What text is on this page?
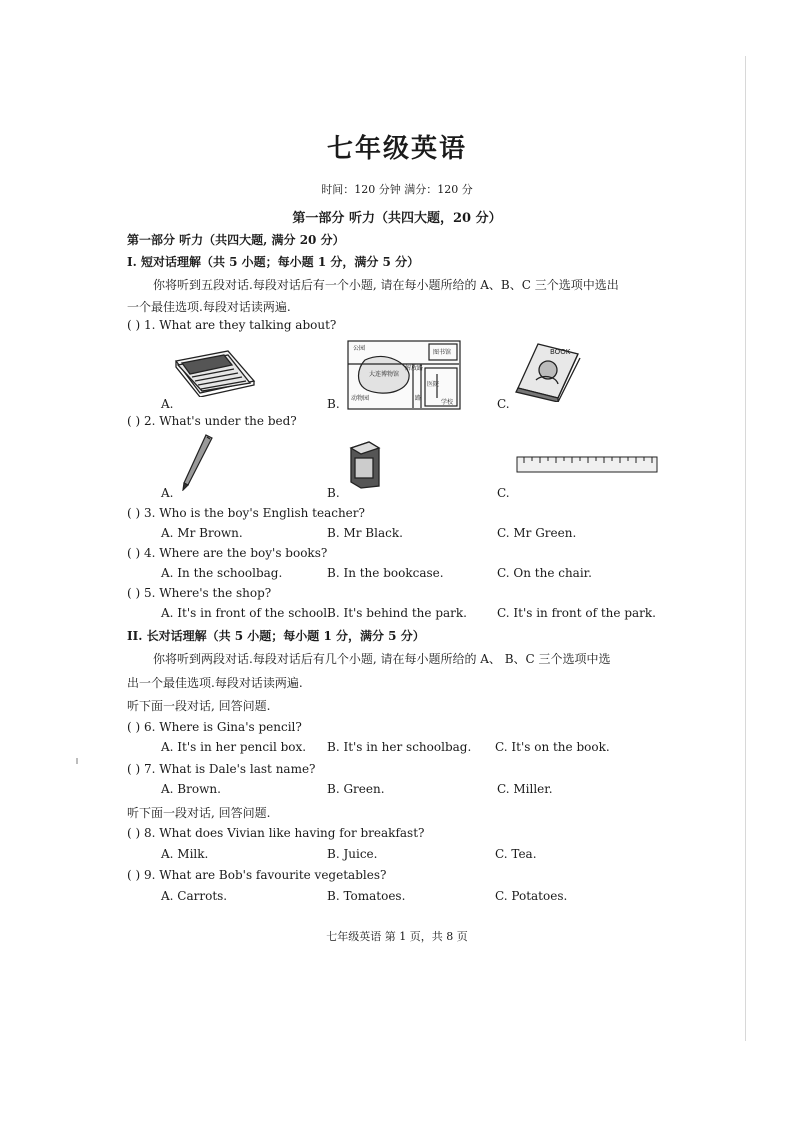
七年级英语
时间：120 分钟 满分：120 分
第一部分 听力（共四大题，20 分）
第一部分 听力（共四大题, 满分 20 分）
I. 短对话理解（共 5 小题；每小题 1 分，满分 5 分）
你将听到五段对话.每段对话后有一个小题, 请在每小题所给的 A、B、C 三个选项中选出
一个最佳选项.每段对话读两遍.
( ) 1. What are they talking about?
A.
公园
图书馆
大连博物馆
解放路
学校
医院
动物园	路
B.
BOOK
C.
( ) 2. What's under the bed?
A.	B.	C.
( ) 3. Who is the boy's English teacher?
A. Mr Brown.	B. Mr Black.	C. Mr Green.
( ) 4. Where are the boy's books?
A. In the schoolbag.	B. In the bookcase.	C. On the chair.
( ) 5. Where's the shop?
A. It's in front of the school.
B. It's behind the park.	C. It's in front of the park.
II. 长对话理解（共 5 小题；每小题 1 分，满分 5 分）
你将听到两段对话.每段对话后有几个小题, 请在每小题所给的 A、 B、C 三个选项中选
出一个最佳选项.每段对话读两遍.
听下面一段对话, 回答问题.
( ) 6. Where is Gina's pencil?
A. It's in her pencil box. B. It's in her schoolbag. C. It's on the book.
( ) 7. What is Dale's last name?
A. Brown.	B. Green.	C. Miller.
听下面一段对话, 回答问题.
( ) 8. What does Vivian like having for breakfast?
A. Milk.	B. Juice.	C. Tea.
( ) 9. What are Bob's favourite vegetables?
A. Carrots.	B. Tomatoes.	C. Potatoes.
七年级英语 第 1 页，共 8 页
